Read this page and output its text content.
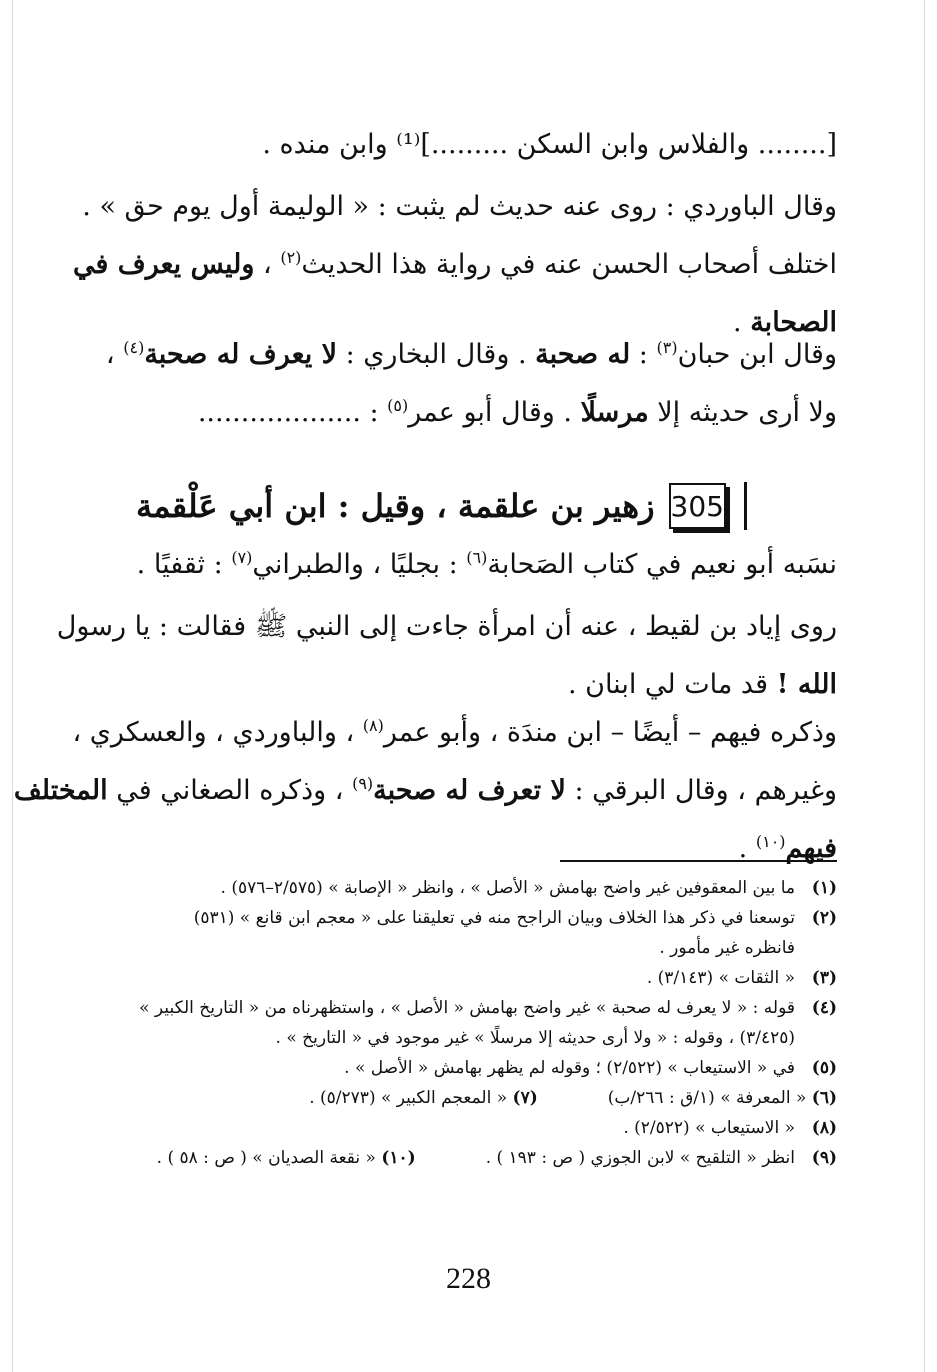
[........ والفلاس وابن السكن .........]⁽¹⁾ وابن منده .
وقال الباوردي : روى عنه حديث لم يثبت : « الوليمة أول يوم حق » .
اختلف أصحاب الحسن عنه في رواية هذا الحديث$^{(٢)}$ ، وليس يعرف في
الصحابة .
وقال ابن حبان$^{(٣)}$ : له صحبة . وقال البخاري : لا يعرف له صحبة$^{(٤)}$ ،
ولا أرى حديثه إلا مرسلًا . وقال أبو عمر$^{(٥)}$ : ...................
305
زهير بن علقمة ، وقيل : ابن أبي عَلْقمة
نسَبه أبو نعيم في كتاب الصَحابة$^{(٦)}$ : بجليًا ، والطبراني$^{(٧)}$ : ثقفيًا .
روى إياد بن لقيط ، عنه أن امرأة جاءت إلى النبي ﷺ فقالت : يا رسول
الله ! قد مات لي ابنان .
وذكره فيهم – أيضًا – ابن مندَة ، وأبو عمر$^{(٨)}$ ، والباوردي ، والعسكري ،
وغيرهم ، وقال البرقي : لا تعرف له صحبة$^{(٩)}$ ، وذكره الصغاني في المختلف
فيهم$^{(١٠)}$ .
(١)
ما بين المعقوفين غير واضح بهامش « الأصل » ، وانظر « الإصابة » (٢/٥٧٥–٥٧٦) .
(٢)
توسعنا في ذكر هذا الخلاف وبيان الراجح منه في تعليقنا على « معجم ابن قانع » (٥٣١)
فانظره غير مأمور .
(٣)
« الثقات » (٣/١٤٣) .
(٤)
قوله : « لا يعرف له صحبة » غير واضح بهامش « الأصل » ، واستظهرناه من « التاريخ الكبير »
(٣/٤٢٥) ، وقوله : « ولا أرى حديثه إلا مرسلًا » غير موجود في « التاريخ » .
(٥)
في « الاستيعاب » (٢/٥٢٢) ؛ وقوله لم يظهر بهامش « الأصل » .
(٦) « المعرفة » (١/ق : ٢٦٦/ب)
(٧) « المعجم الكبير » (٥/٢٧٣) .
(٨)
« الاستيعاب » (٢/٥٢٢) .
(٩)
انظر « التلقيح » لابن الجوزي ( ص : ١٩٣ ) .
(١٠) « نقعة الصديان » ( ص : ٥٨ ) .
228
